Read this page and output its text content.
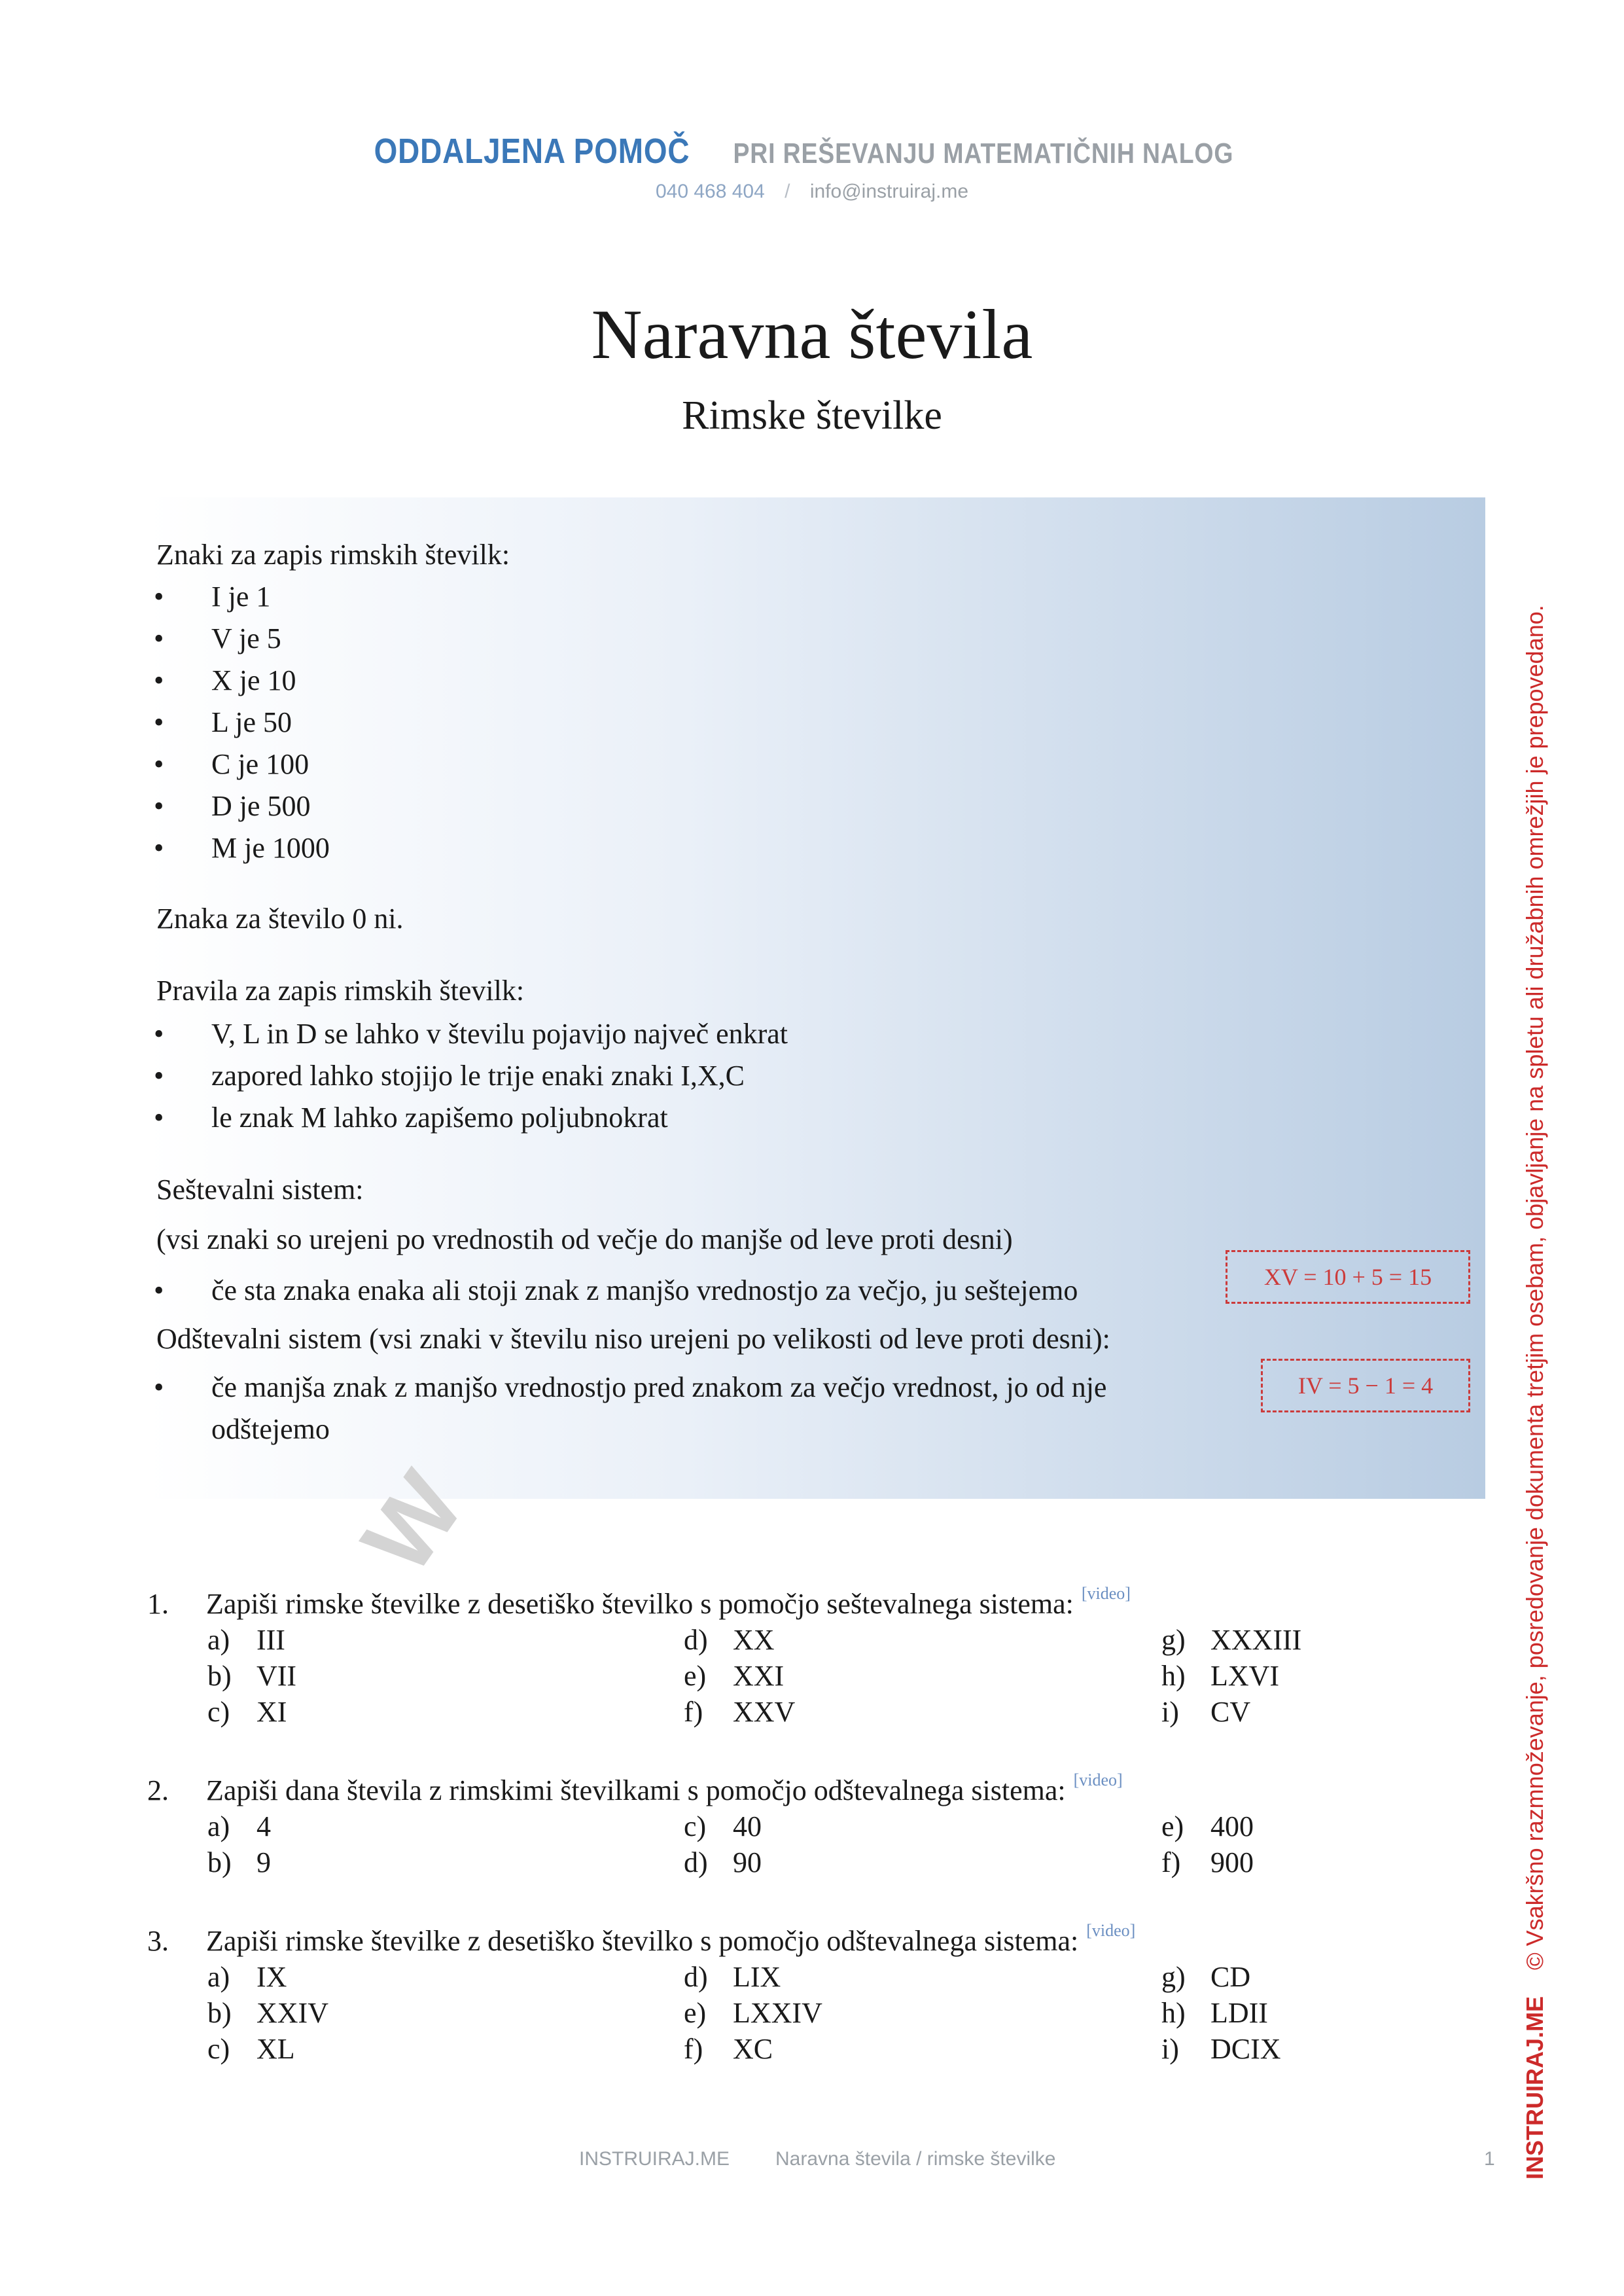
ODDALJENA POMOČ PRI REŠEVANJU MATEMATIČNIH NALOG
040 468 404 / info@instruiraj.me
Naravna števila
Rimske številke

Znaki za zapis rimskih številk:

• I je 1
• V je 5
• X je 10
• L je 50
• C je 100
• D je 500
• M je 1000

Znaka za število 0 ni.

Pravila za zapis rimskih številk:

• V, L in D se lahko v številu pojavijo največ enkrat
• zapored lahko stojijo le trije enaki znaki I,X,C
• le znak M lahko zapišemo poljubnokrat

Seštevalni sistem:

(vsi znaki so urejeni po vrednostih od večje do manjše od leve proti desni)

• če sta znaka enaka ali stoji znak z manjšo vrednostjo za večjo, ju seštejemo	XV = 10 + 5 = 15

Odštevalni sistem (vsi znaki v številu niso urejeni po velikosti od leve proti desni):

• če manjša znak z manjšo vrednostjo pred znakom za večjo vrednost, jo od nje

odštejemo

IV = 5 − 1 = 4
W
1. Zapiši rimske številke z desetiško številko s pomočjo seštevalnega sistema: [video]
a) III
b) VII
c) XI
d) XX
e) XXI
f) XXV
g) XXXIII
h) LXVI
i) CV
2. Zapiši dana števila z rimskimi številkami s pomočjo odštevalnega sistema: [video]
a) 4
b) 9
c) 40
d) 90
e) 400
f) 900
3. Zapiši rimske številke z desetiško številko s pomočjo odštevalnega sistema: [video]
a) IX
b) XXIV
c) XL
d) LIX
e) LXXIV
f) XC
g) CD
h) LDII
i) DCIX
INSTRUIRAJ.ME Naravna števila / rimske številke	1 INSTRUIRAJ.ME    © Vsakršno razmnoževanje, posredovanje dokumenta tretjim osebam, objavljanje na spletu ali družabnih omrežjih je prepovedano.
